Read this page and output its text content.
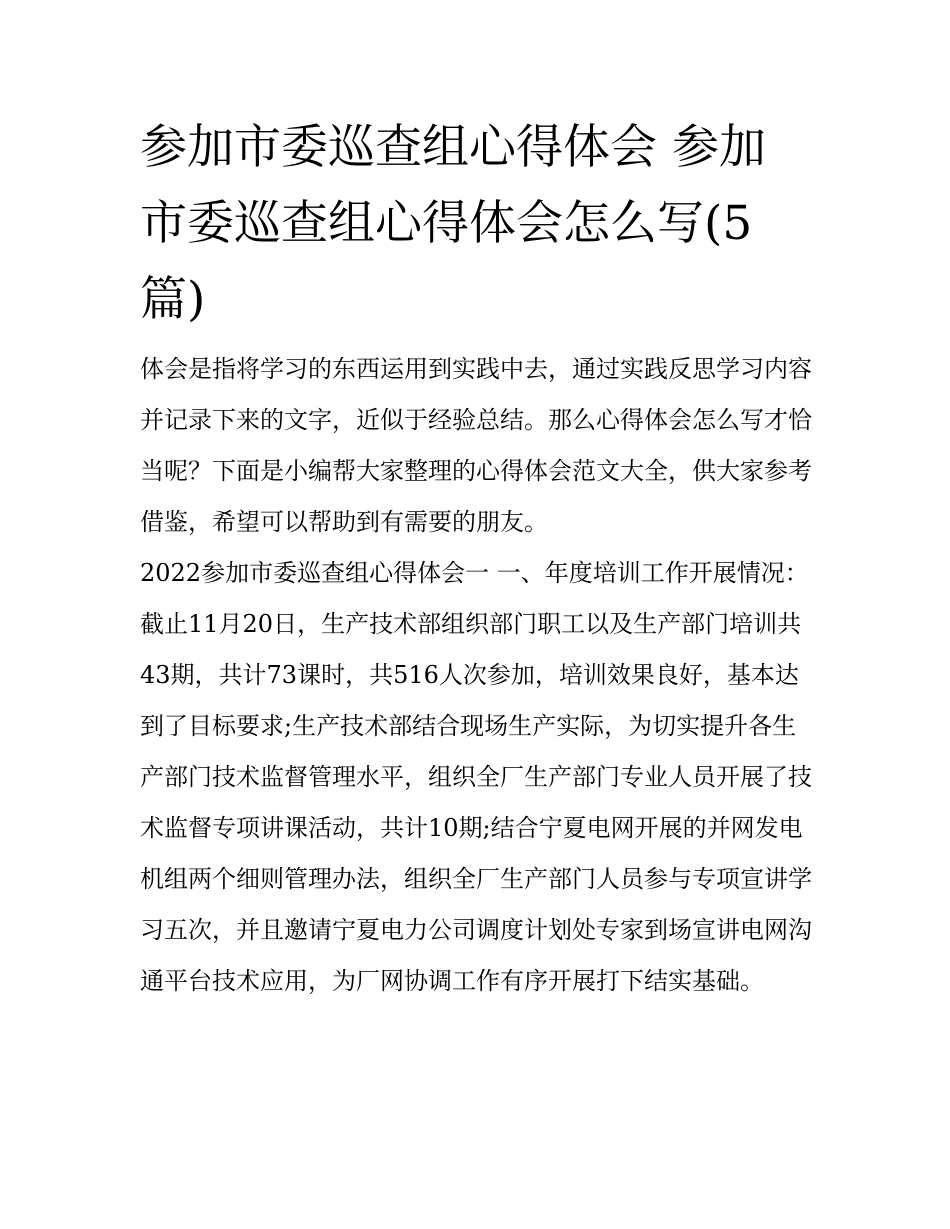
参加市委巡查组心得体会 参加市委巡查组心得体会怎么写(5篇)

体会是指将学习的东西运用到实践中去，通过实践反思学习内容并记录下来的文字，近似于经验总结。那么心得体会怎么写才恰当呢？下面是小编帮大家整理的心得体会范文大全，供大家参考借鉴，希望可以帮助到有需要的朋友。

2022参加市委巡查组心得体会一 一、年度培训工作开展情况：

截止11月20日，生产技术部组织部门职工以及生产部门培训共43期，共计73课时，共516人次参加，培训效果良好，基本达到了目标要求;生产技术部结合现场生产实际，为切实提升各生产部门技术监督管理水平，组织全厂生产部门专业人员开展了技术监督专项讲课活动，共计10期;结合宁夏电网开展的并网发电机组两个细则管理办法，组织全厂生产部门人员参与专项宣讲学习五次，并且邀请宁夏电力公司调度计划处专家到场宣讲电网沟通平台技术应用，为厂网协调工作有序开展打下结实基础。
